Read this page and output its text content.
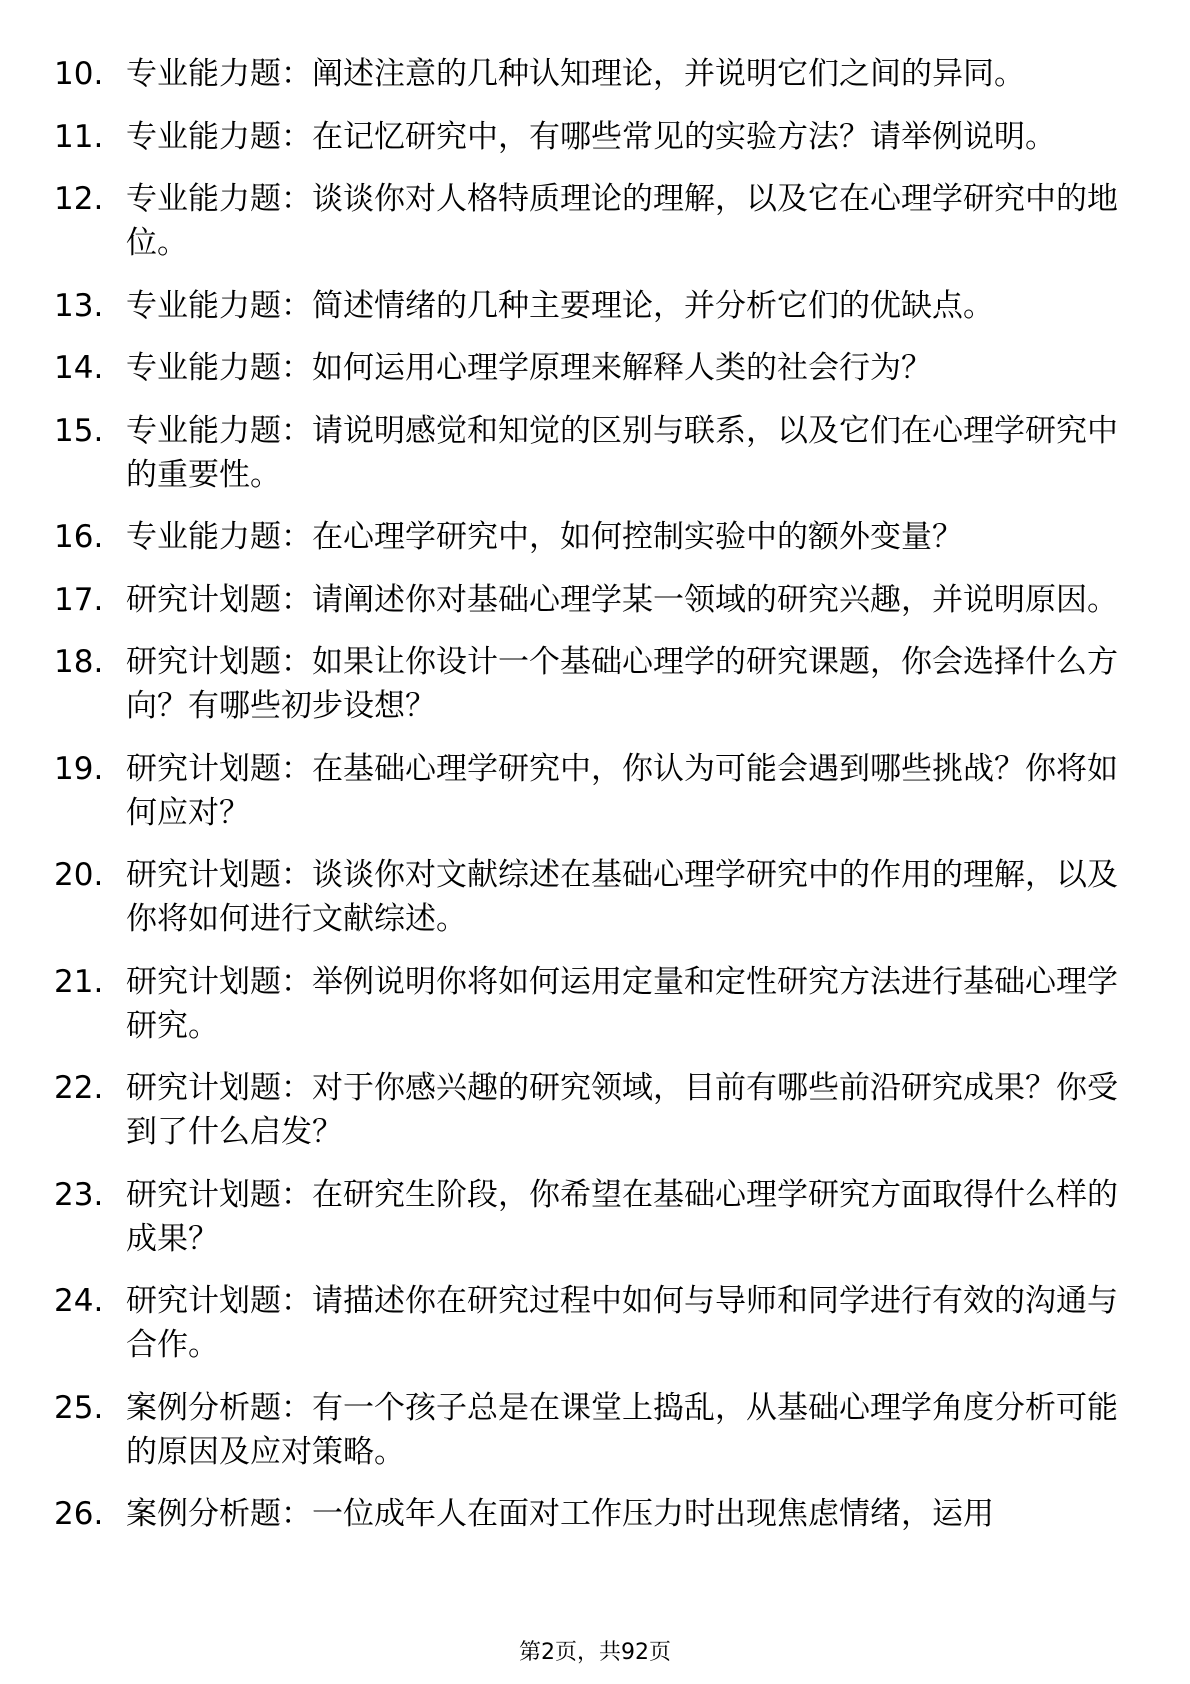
10. 专业能力题：阐述注意的几种认知理论，并说明它们之间的异同。
11. 专业能力题：在记忆研究中，有哪些常见的实验方法？请举例说明。
12. 专业能力题：谈谈你对人格特质理论的理解，以及它在心理学研究中的地位。
13. 专业能力题：简述情绪的几种主要理论，并分析它们的优缺点。
14. 专业能力题：如何运用心理学原理来解释人类的社会行为？
15. 专业能力题：请说明感觉和知觉的区别与联系，以及它们在心理学研究中的重要性。
16. 专业能力题：在心理学研究中，如何控制实验中的额外变量？
17. 研究计划题：请阐述你对基础心理学某一领域的研究兴趣，并说明原因。
18. 研究计划题：如果让你设计一个基础心理学的研究课题，你会选择什么方向？有哪些初步设想？
19. 研究计划题：在基础心理学研究中，你认为可能会遇到哪些挑战？你将如何应对？
20. 研究计划题：谈谈你对文献综述在基础心理学研究中的作用的理解，以及你将如何进行文献综述。
21. 研究计划题：举例说明你将如何运用定量和定性研究方法进行基础心理学研究。
22. 研究计划题：对于你感兴趣的研究领域，目前有哪些前沿研究成果？你受到了什么启发？
23. 研究计划题：在研究生阶段，你希望在基础心理学研究方面取得什么样的成果？
24. 研究计划题：请描述你在研究过程中如何与导师和同学进行有效的沟通与合作。
25. 案例分析题：有一个孩子总是在课堂上捣乱，从基础心理学角度分析可能的原因及应对策略。
26. 案例分析题：一位成年人在面对工作压力时出现焦虑情绪，运用
第2页，共92页
